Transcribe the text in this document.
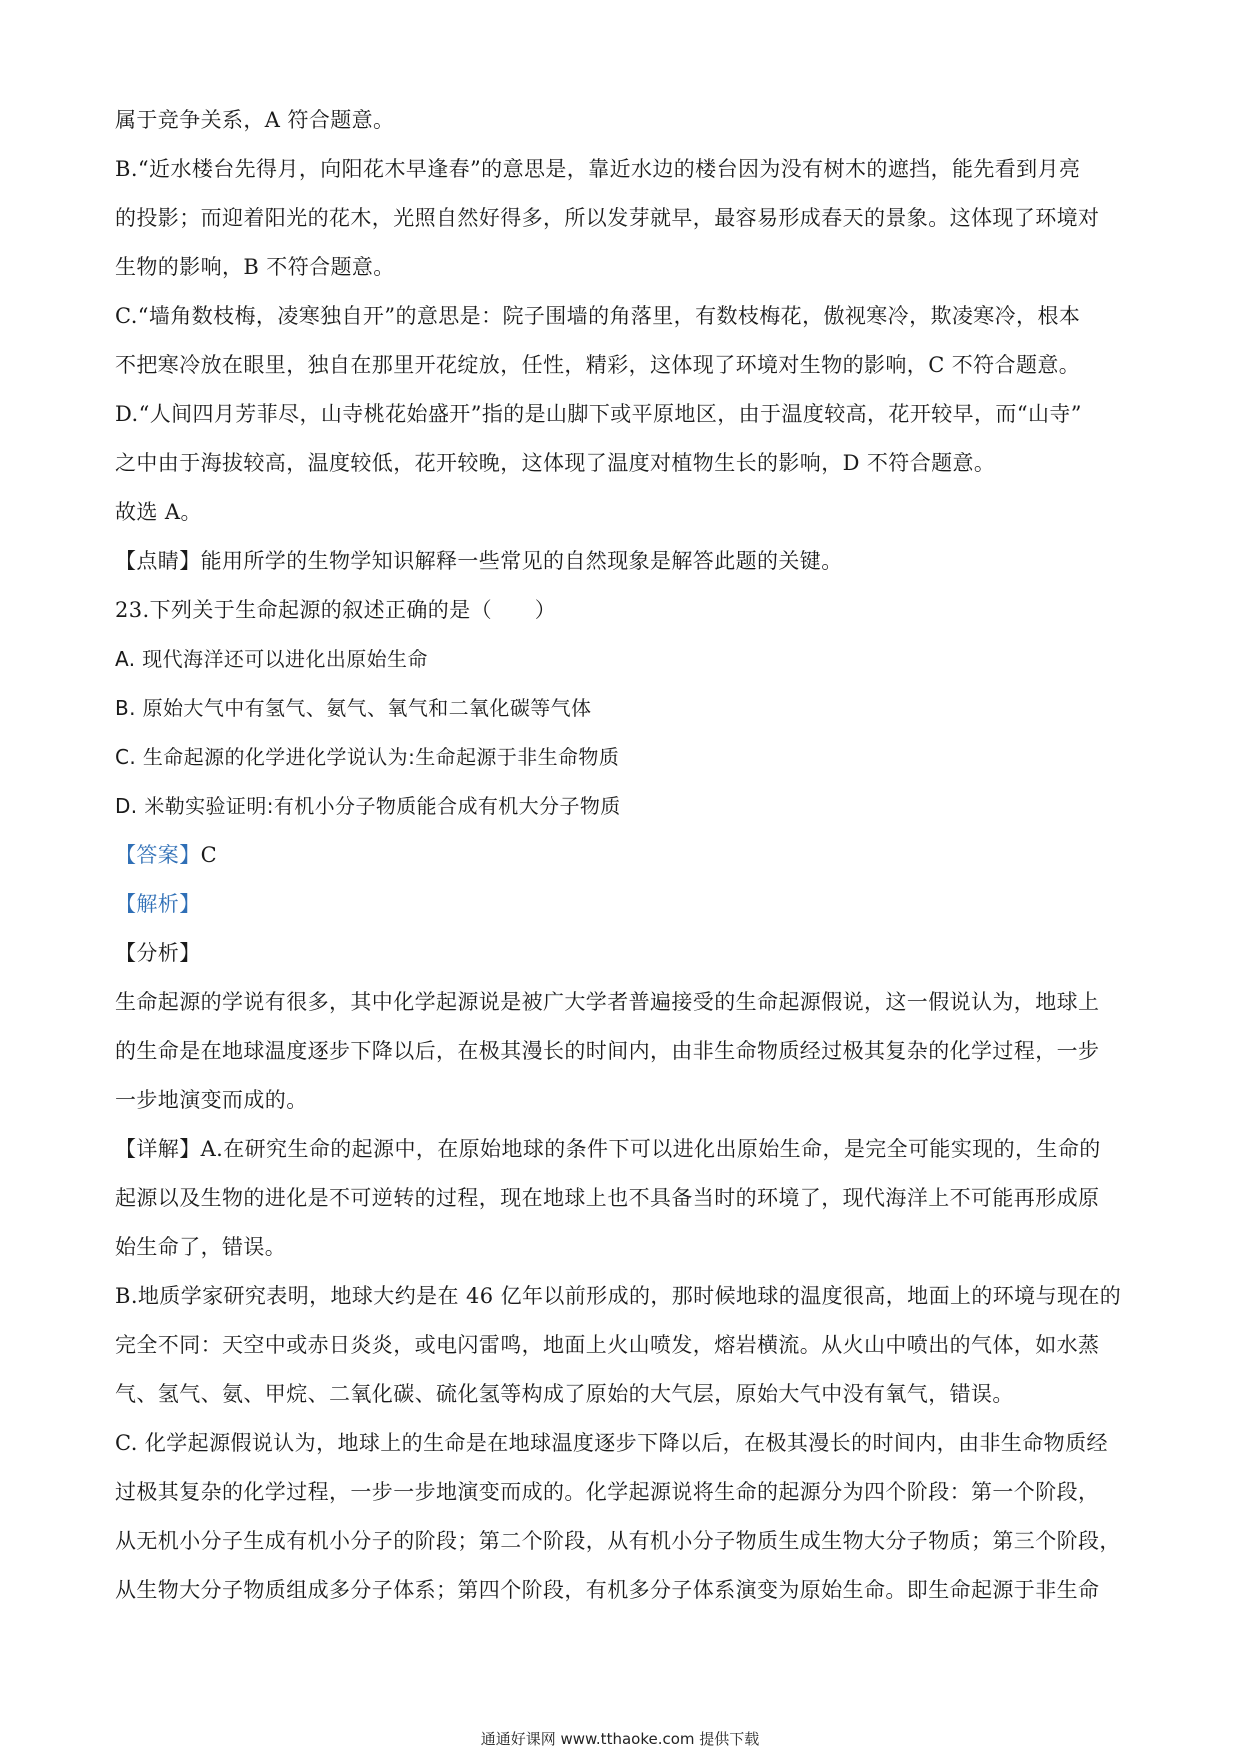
属于竞争关系，A 符合题意。
B.“近水楼台先得月，向阳花木早逢春”的意思是，靠近水边的楼台因为没有树木的遮挡，能先看到月亮
的投影；而迎着阳光的花木，光照自然好得多，所以发芽就早，最容易形成春天的景象。这体现了环境对
生物的影响，B 不符合题意。
C.“墙角数枝梅，凌寒独自开”的意思是：院子围墙的角落里，有数枝梅花，傲视寒冷，欺凌寒冷，根本
不把寒冷放在眼里，独自在那里开花绽放，任性，精彩，这体现了环境对生物的影响，C 不符合题意。
D.“人间四月芳菲尽，山寺桃花始盛开”指的是山脚下或平原地区，由于温度较高，花开较早，而“山寺”
之中由于海拔较高，温度较低，花开较晚，这体现了温度对植物生长的影响，D 不符合题意。
故选 A。
【点睛】能用所学的生物学知识解释一些常见的自然现象是解答此题的关键。
23.下列关于生命起源的叙述正确的是（　　）
A. 现代海洋还可以进化出原始生命
B. 原始大气中有氢气、氨气、氧气和二氧化碳等气体
C. 生命起源的化学进化学说认为:生命起源于非生命物质
D. 米勒实验证明:有机小分子物质能合成有机大分子物质
【答案】C
【解析】
【分析】
生命起源的学说有很多，其中化学起源说是被广大学者普遍接受的生命起源假说，这一假说认为，地球上
的生命是在地球温度逐步下降以后，在极其漫长的时间内，由非生命物质经过极其复杂的化学过程，一步
一步地演变而成的。
【详解】A.在研究生命的起源中，在原始地球的条件下可以进化出原始生命，是完全可能实现的，生命的
起源以及生物的进化是不可逆转的过程，现在地球上也不具备当时的环境了，现代海洋上不可能再形成原
始生命了，错误。
B.地质学家研究表明，地球大约是在 46 亿年以前形成的，那时候地球的温度很高，地面上的环境与现在的
完全不同：天空中或赤日炎炎，或电闪雷鸣，地面上火山喷发，熔岩横流。从火山中喷出的气体，如水蒸
气、氢气、氨、甲烷、二氧化碳、硫化氢等构成了原始的大气层，原始大气中没有氧气，错误。
C. 化学起源假说认为，地球上的生命是在地球温度逐步下降以后，在极其漫长的时间内，由非生命物质经
过极其复杂的化学过程，一步一步地演变而成的。化学起源说将生命的起源分为四个阶段：第一个阶段，
从无机小分子生成有机小分子的阶段；第二个阶段，从有机小分子物质生成生物大分子物质；第三个阶段，
从生物大分子物质组成多分子体系；第四个阶段，有机多分子体系演变为原始生命。即生命起源于非生命
通通好课网 www.tthaoke.com 提供下载
